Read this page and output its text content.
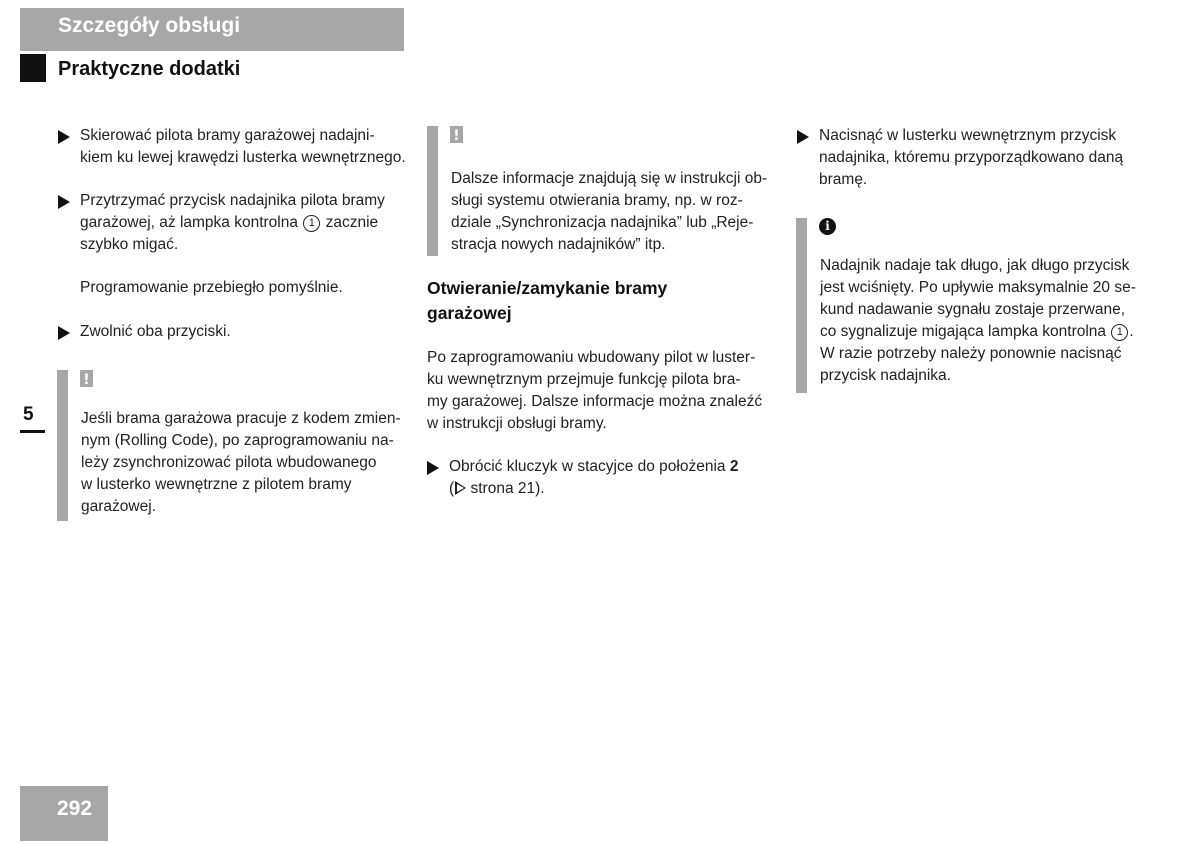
Szczegóły obsługi
Praktyczne dodatki
5
292
Skierować pilota bramy garażowej nadajni-
kiem ku lewej krawędzi lusterka wewnętrznego.
Przytrzymać przycisk nadajnika pilota bramy
garażowej, aż lampka kontrolna 1 zacznie
szybko migać.
Programowanie przebiegło pomyślnie.
Zwolnić oba przyciski.
!
Jeśli brama garażowa pracuje z kodem zmien-
nym (Rolling Code), po zaprogramowaniu na-
leży zsynchronizować pilota wbudowanego
w lusterko wewnętrzne z pilotem bramy
garażowej.
!
Dalsze informacje znajdują się w instrukcji ob-
sługi systemu otwierania bramy, np. w roz-
dziale „Synchronizacja nadajnika” lub „Reje-
stracja nowych nadajników” itp.
Otwieranie/zamykanie bramy
garażowej
Po zaprogramowaniu wbudowany pilot w luster-
ku wewnętrznym przejmuje funkcję pilota bra-
my garażowej. Dalsze informacje można znaleźć
w instrukcji obsługi bramy.
Obrócić kluczyk w stacyjce do położenia 2
( strona 21).
Nacisnąć w lusterku wewnętrznym przycisk
nadajnika, któremu przyporządkowano daną
bramę.
i
Nadajnik nadaje tak długo, jak długo przycisk
jest wciśnięty. Po upływie maksymalnie 20 se-
kund nadawanie sygnału zostaje przerwane,
co sygnalizuje migająca lampka kontrolna 1 .
W razie potrzeby należy ponownie nacisnąć
przycisk nadajnika.
